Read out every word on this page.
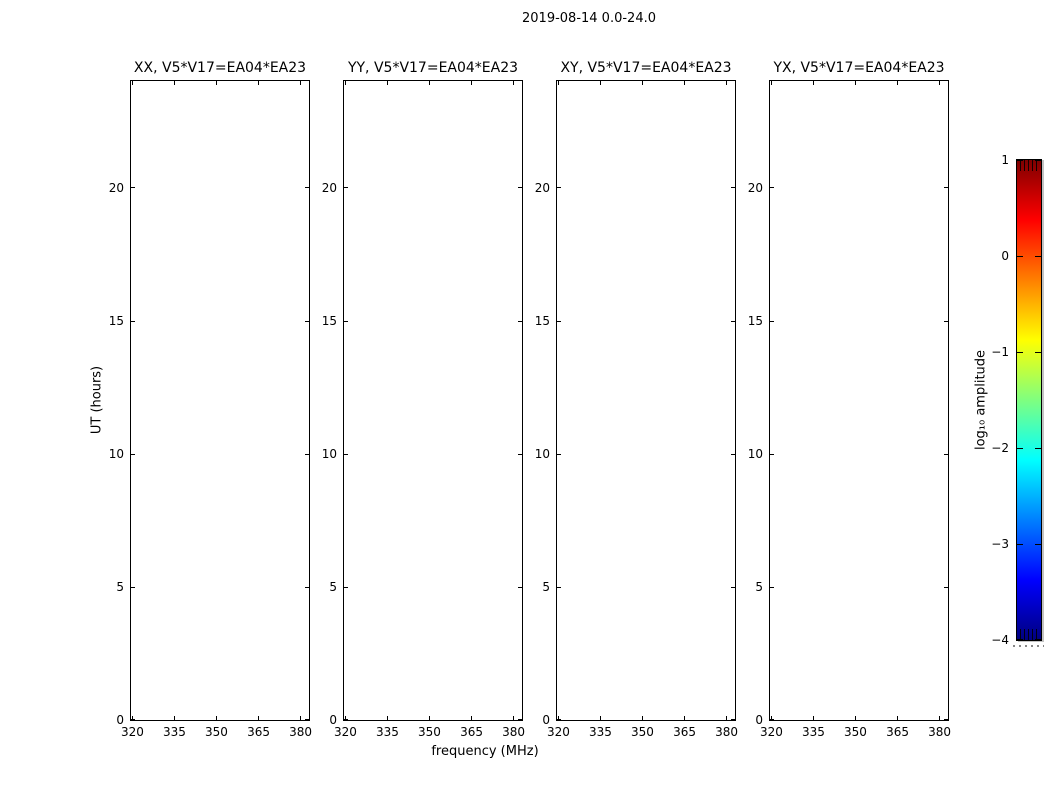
2019-08-14 0.0-24.0
XX, V5*V17=EA04*EA23
320 335 350 365 380
0
5
10
15
20
YY, V5*V17=EA04*EA23
320 335 350 365 380
0
5
10
15
20
XY, V5*V17=EA04*EA23
320 335 350 365 380
0
5
10
15
20
YX, V5*V17=EA04*EA23
320 335 350 365 380
0
5
10
15
20
UT (hours)
frequency (MHz)
log₁₀ amplitude
1
0
−1
−2
−3
−4
